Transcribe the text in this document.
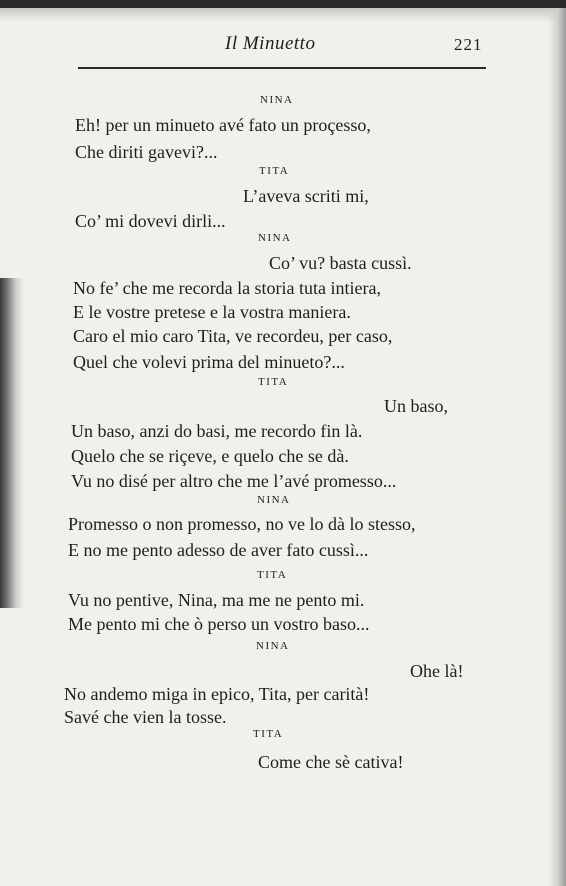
Il Minuetto	221
NINA
Eh! per un minueto avé fato un proçesso,
Che diriti gavevi?...
TITA
L’aveva scriti mi,
Co’ mi dovevi dirli...
NINA
Co’ vu? basta cussì.
No fe’ che me recorda la storia tuta intiera,
E le vostre pretese e la vostra maniera.
Caro el mio caro Tita, ve recordeu, per caso,
Quel che volevi prima del minueto?...
TITA
Un baso,
Un baso, anzi do basi, me recordo fin là.
Quelo che se riçeve, e quelo che se dà.
Vu no disé per altro che me l’avé promesso...
NINA
Promesso o non promesso, no ve lo dà lo stesso,
E no me pento adesso de aver fato cussì...
TITA
Vu no pentive, Nina, ma me ne pento mi.
Me pento mi che ò perso un vostro baso...
NINA
Ohe là!
No andemo miga in epico, Tita, per carità!
Savé che vien la tosse.
TITA
Come che sè cativa!
